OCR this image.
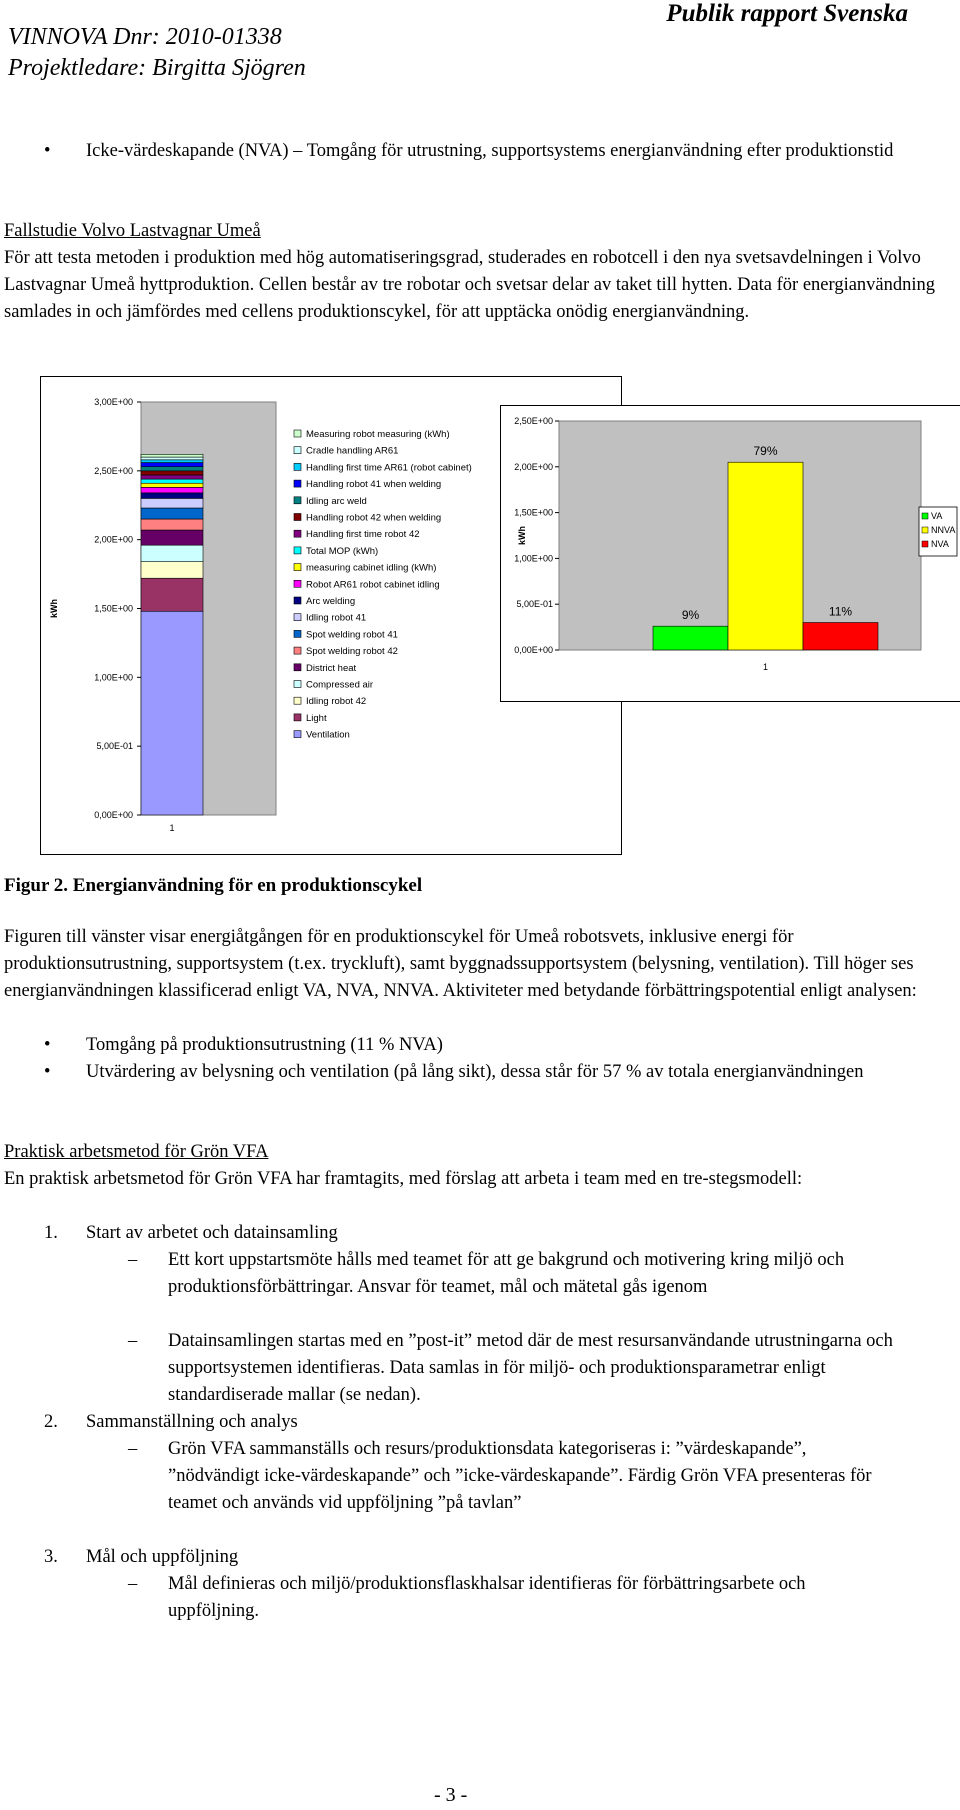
VINNOVA Dnr: 2010-01338
Projektledare: Birgitta Sjögren
Publik rapport Svenska
• Icke-värdeskapande (NVA) – Tomgång för utrustning, supportsystems energianvändning efter produktionstid
Fallstudie Volvo Lastvagnar Umeå
För att testa metoden i produktion med hög automatiseringsgrad, studerades en robotcell i den nya svetsavdelningen i Volvo Lastvagnar Umeå hyttproduktion. Cellen består av tre robotar och svetsar delar av taket till hytten. Data för energianvändning samlades in och jämfördes med cellens produktionscykel, för att upptäcka onödig energianvändning.
3,00E+00
2,50E+00
2,00E+00
1,50E+00
1,00E+00
5,00E-01
0,00E+00
kWh
1
Measuring robot measuring (kWh)
Cradle handling AR61
Handling first time AR61 (robot cabinet)
Handling robot 41 when welding
Idling arc weld
Handling robot 42 when welding
Handling first time robot 42
Total MOP (kWh)
measuring cabinet idling (kWh)
Robot AR61 robot cabinet idling
Arc welding
Idling robot 41
Spot welding robot 41
Spot welding robot 42
District heat
Compressed air
Idling robot 42
Light
Ventilation
2,50E+00
2,00E+00
1,50E+00
1,00E+00
5,00E-01
0,00E+00
kWh
9%
79%
11%
1
VA
NNVA
NVA
Figur 2. Energianvändning för en produktionscykel
Figuren till vänster visar energiåtgången för en produktionscykel för Umeå robotsvets, inklusive energi för produktionsutrustning, supportsystem (t.ex. tryckluft), samt byggnadssupportsystem (belysning, ventilation). Till höger ses energianvändningen klassificerad enligt VA, NVA, NNVA. Aktiviteter med betydande förbättringspotential enligt analysen:
• Tomgång på produktionsutrustning (11 % NVA)
• Utvärdering av belysning och ventilation (på lång sikt), dessa står för 57 % av totala energianvändningen
Praktisk arbetsmetod för Grön VFA
En praktisk arbetsmetod för Grön VFA har framtagits, med förslag att arbeta i team med en tre-stegsmodell:
1. Start av arbetet och datainsamling
– Ett kort uppstartsmöte hålls med teamet för att ge bakgrund och motivering kring miljö och produktionsförbättringar. Ansvar för teamet, mål och mätetal gås igenom
– Datainsamlingen startas med en ”post-it” metod där de mest resursanvändande utrustningarna och supportsystemen identifieras. Data samlas in för miljö- och produktionsparametrar enligt standardiserade mallar (se nedan).
2. Sammanställning och analys
– Grön VFA sammanställs och resurs/produktionsdata kategoriseras i: ”värdeskapande”, ”nödvändigt icke-värdeskapande” och ”icke-värdeskapande”. Färdig Grön VFA presenteras för teamet och används vid uppföljning ”på tavlan”
3. Mål och uppföljning
– Mål definieras och miljö/produktionsflaskhalsar identifieras för förbättringsarbete och uppföljning.
- 3 -
